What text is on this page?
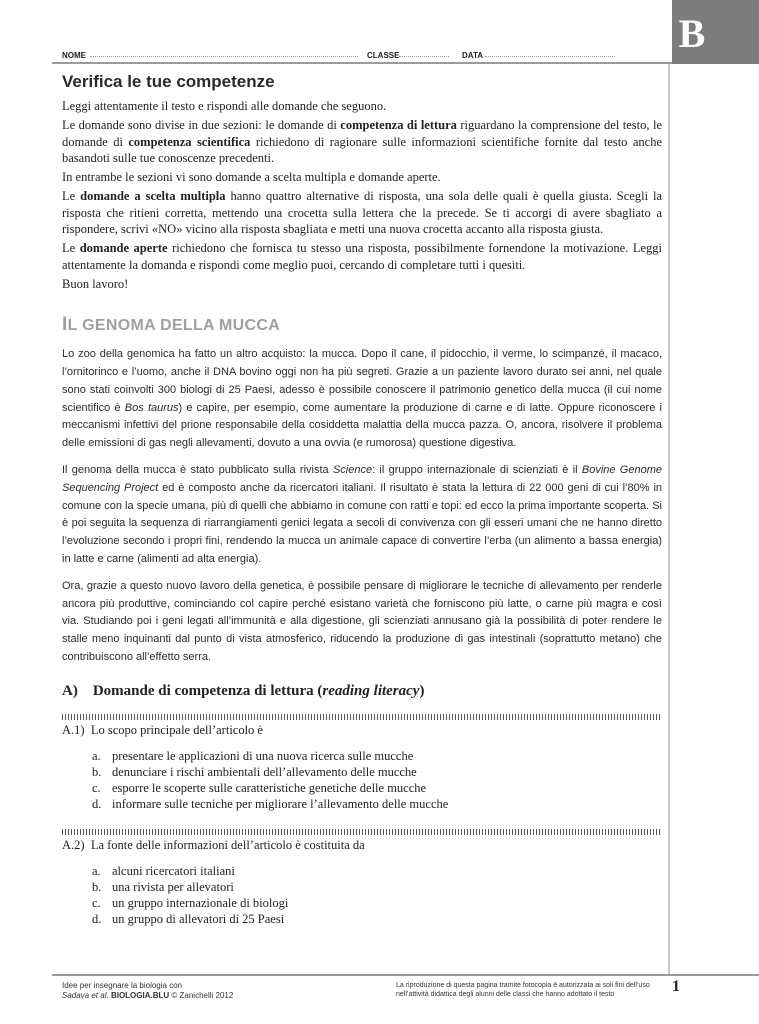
B
NOME	CLASSE	DATA
Verifica le tue competenze

Leggi attentamente il testo e rispondi alle domande che seguono.

Le domande sono divise in due sezioni: le domande di competenza di lettura riguardano la comprensione del testo, le domande di competenza scientifica richiedono di ragionare sulle informazioni scientifiche fornite dal testo anche basandoti sulle tue conoscenze precedenti.

In entrambe le sezioni vi sono domande a scelta multipla e domande aperte.

Le domande a scelta multipla hanno quattro alternative di risposta, una sola delle quali è quella giusta. Scegli la risposta che ritieni corretta, mettendo una crocetta sulla lettera che la precede. Se ti accorgi di avere sbagliato a rispondere, scrivi «NO» vicino alla risposta sbagliata e metti una nuova crocetta accanto alla risposta giusta.

Le domande aperte richiedono che fornisca tu stesso una risposta, possibilmente fornendone la motivazione. Leggi attentamente la domanda e rispondi come meglio puoi, cercando di completare tutti i quesiti.

Buon lavoro!

IL GENOMA DELLA MUCCA

Lo zoo della genomica ha fatto un altro acquisto: la mucca. Dopo il cane, il pidocchio, il verme, lo scimpanzé, il macaco, l’ornitorinco e l’uomo, anche il DNA bovino oggi non ha più segreti. Grazie a un paziente lavoro durato sei anni, nel quale sono stati coinvolti 300 biologi di 25 Paesi, adesso è possibile conoscere il patrimonio genetico della mucca (il cui nome scientifico è Bos taurus) e capire, per esempio, come aumentare la produzione di carne e di latte. Oppure riconoscere i meccanismi infettivi del prione responsabile della cosiddetta malattia della mucca pazza. O, ancora, risolvere il problema delle emissioni di gas negli allevamenti, dovuto a una ovvia (e rumorosa) questione digestiva.

Il genoma della mucca è stato pubblicato sulla rivista Science: il gruppo internazionale di scienziati è il Bovine Genome Sequencing Project ed è composto anche da ricercatori italiani. Il risultato è stata la lettura di 22 000 geni di cui l’80% in comune con la specie umana, più di quelli che abbiamo in comune con ratti e topi: ed ecco la prima importante scoperta. Si è poi seguita la sequenza di riarrangiamenti genici legata a secoli di convivenza con gli esseri umani che ne hanno diretto l’evoluzione secondo i propri fini, rendendo la mucca un animale capace di convertire l’erba (un alimento a bassa energia) in latte e carne (alimenti ad alta energia).

Ora, grazie a questo nuovo lavoro della genetica, è possibile pensare di migliorare le tecniche di allevamento per renderle ancora più produttive, cominciando col capire perché esistano varietà che forniscono più latte, o carne più magra e così via. Studiando poi i geni legati all’immunità e alla digestione, gli scienziati annusano già la possibilità di poter rendere le stalle meno inquinanti dal punto di vista atmosferico, riducendo la produzione di gas intestinali (soprattutto metano) che contribuiscono all’effetto serra.

A) Domande di competenza di lettura (reading literacy)
A.1) Lo scopo principale dell’articolo è
a. presentare le applicazioni di una nuova ricerca sulle mucche
b. denunciare i rischi ambientali dell’allevamento delle mucche
c. esporre le scoperte sulle caratteristiche genetiche delle mucche
d. informare sulle tecniche per migliorare l’allevamento delle mucche
A.2) La fonte delle informazioni dell’articolo è costituita da
a. alcuni ricercatori italiani
b. una rivista per allevatori
c. un gruppo internazionale di biologi
d. un gruppo di allevatori di 25 Paesi
Idee per insegnare la biologia con
Sadava et al. BIOLOGIA.BLU © Zanichelli 2012
La riproduzione di questa pagina tramite fotocopia è autorizzata ai soli fini dell’uso nell’attività didattica degli alunni delle classi che hanno adottato il testo	1
